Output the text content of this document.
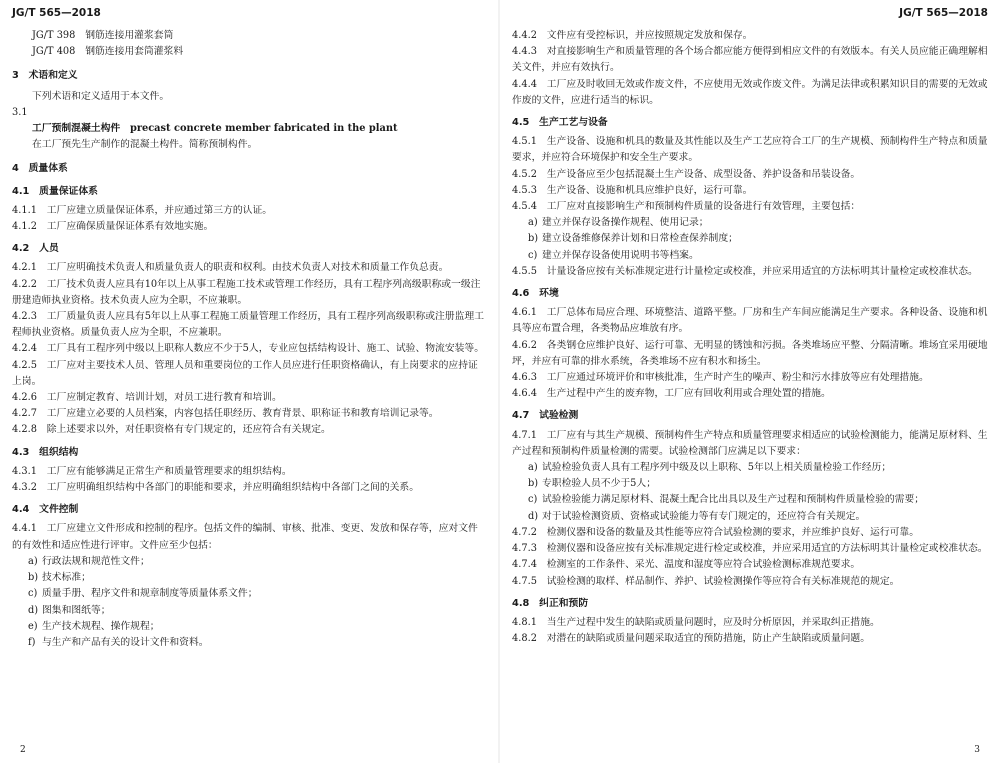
JG/T 565—2018

JG/T 398　钢筋连接用灌浆套筒

JG/T 408　钢筋连接用套筒灌浆料

3　术语和定义

下列术语和定义适用于本文件。

3.1

工厂预制混凝土构件　precast concrete member fabricated in the plant

在工厂预先生产制作的混凝土构件。简称预制构件。

4　质量体系

4.1　质量保证体系

4.1.1　工厂应建立质量保证体系，并应通过第三方的认证。

4.1.2　工厂应确保质量保证体系有效地实施。

4.2　人员

4.2.1　工厂应明确技术负责人和质量负责人的职责和权利。由技术负责人对技术和质量工作负总责。

4.2.2　工厂技术负责人应具有10年以上从事工程施工技术或管理工作经历，具有工程序列高级职称或一级注册建造师执业资格。技术负责人应为全职，不应兼职。

4.2.3　工厂质量负责人应具有5年以上从事工程施工质量管理工作经历，具有工程序列高级职称或注册监理工程师执业资格。质量负责人应为全职，不应兼职。

4.2.4　工厂具有工程序列中级以上职称人数应不少于5人，专业应包括结构设计、施工、试验、物流安装等。

4.2.5　工厂应对主要技术人员、管理人员和重要岗位的工作人员应进行任职资格确认，有上岗要求的应持证上岗。

4.2.6　工厂应制定教育、培训计划，对员工进行教育和培训。

4.2.7　工厂应建立必要的人员档案，内容包括任职经历、教育背景、职称证书和教育培训记录等。

4.2.8　除上述要求以外，对任职资格有专门规定的，还应符合有关规定。

4.3　组织结构

4.3.1　工厂应有能够满足正常生产和质量管理要求的组织结构。

4.3.2　工厂应明确组织结构中各部门的职能和要求，并应明确组织结构中各部门之间的关系。

4.4　文件控制

4.4.1　工厂应建立文件形成和控制的程序。包括文件的编制、审核、批准、变更、发放和保存等，应对文件的有效性和适应性进行评审。文件应至少包括：

a) 行政法规和规范性文件；

b) 技术标准；

c) 质量手册、程序文件和规章制度等质量体系文件；

d) 图集和图纸等；

e) 生产技术规程、操作规程；

f) 与生产和产品有关的设计文件和资料。

2
JG/T 565—2018

4.4.2　文件应有受控标识，并应按照规定发放和保存。

4.4.3　对直接影响生产和质量管理的各个场合都应能方便得到相应文件的有效版本。有关人员应能正确理解相关文件，并应有效执行。

4.4.4　工厂应及时收回无效或作废文件，不应使用无效或作废文件。为满足法律或积累知识目的需要的无效或作废的文件，应进行适当的标识。

4.5　生产工艺与设备

4.5.1　生产设备、设施和机具的数量及其性能以及生产工艺应符合工厂的生产规模、预制构件生产特点和质量要求，并应符合环境保护和安全生产要求。

4.5.2　生产设备应至少包括混凝土生产设备、成型设备、养护设备和吊装设备。

4.5.3　生产设备、设施和机具应维护良好，运行可靠。

4.5.4　工厂应对直接影响生产和预制构件质量的设备进行有效管理，主要包括：

a) 建立并保存设备操作规程、使用记录；

b) 建立设备维修保养计划和日常检查保养制度；

c) 建立并保存设备使用说明书等档案。

4.5.5　计量设备应按有关标准规定进行计量检定或校准，并应采用适宜的方法标明其计量检定或校准状态。

4.6　环境

4.6.1　工厂总体布局应合理、环境整洁、道路平整。厂房和生产车间应能满足生产要求。各种设备、设施和机具等应布置合理，各类物品应堆放有序。

4.6.2　各类钢仓应维护良好、运行可靠、无明显的锈蚀和污损。各类堆场应平整、分隔清晰。堆场宜采用硬地坪，并应有可靠的排水系统，各类堆场不应有积水和扬尘。

4.6.3　工厂应通过环境评价和审核批准，生产时产生的噪声、粉尘和污水排放等应有处理措施。

4.6.4　生产过程中产生的废弃物，工厂应有回收利用或合理处置的措施。

4.7　试验检测

4.7.1　工厂应有与其生产规模、预制构件生产特点和质量管理要求相适应的试验检测能力，能满足原材料、生产过程和预制构件质量检测的需要。试验检测部门应满足以下要求：

a) 试验检验负责人具有工程序列中级及以上职称、5年以上相关质量检验工作经历；

b) 专职检验人员不少于5人；

c) 试验检验能力满足原材料、混凝土配合比出具以及生产过程和预制构件质量检验的需要；

d) 对于试验检测资质、资格或试验能力等有专门规定的，还应符合有关规定。

4.7.2　检测仪器和设备的数量及其性能等应符合试验检测的要求，并应维护良好、运行可靠。

4.7.3　检测仪器和设备应按有关标准规定进行检定或校准，并应采用适宜的方法标明其计量检定或校准状态。

4.7.4　检测室的工作条件、采光、温度和湿度等应符合试验检测标准规范要求。

4.7.5　试验检测的取样、样品制作、养护、试验检测操作等应符合有关标准规范的规定。

4.8　纠正和预防

4.8.1　当生产过程中发生的缺陷或质量问题时，应及时分析原因，并采取纠正措施。

4.8.2　对潜在的缺陷或质量问题采取适宜的预防措施，防止产生缺陷或质量问题。

3
